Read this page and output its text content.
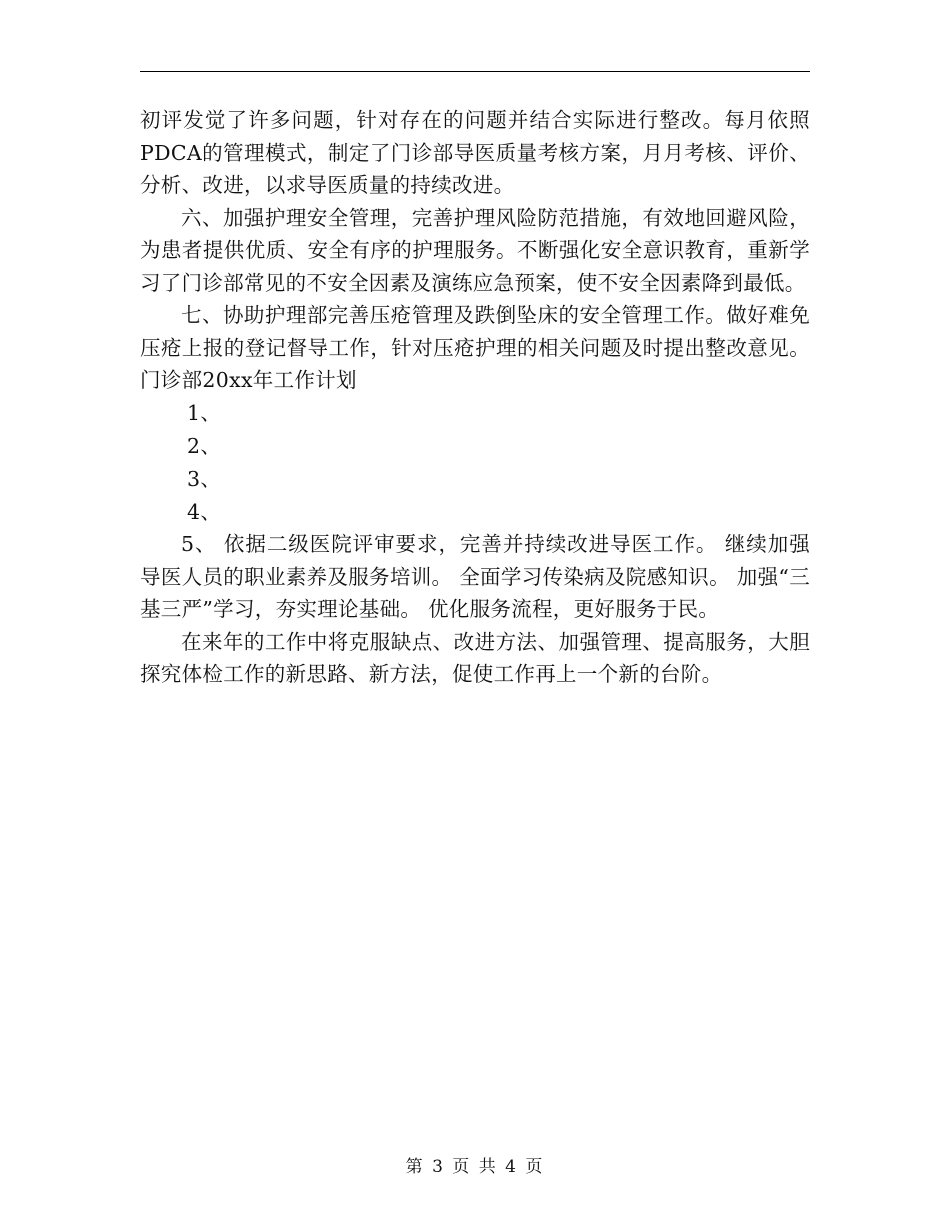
初评发觉了许多问题，针对存在的问题并结合实际进行整改。每月依照PDCA的管理模式，制定了门诊部导医质量考核方案，月月考核、评价、分析、改进，以求导医质量的持续改进。

六、加强护理安全管理，完善护理风险防范措施，有效地回避风险，为患者提供优质、安全有序的护理服务。不断强化安全意识教育，重新学习了门诊部常见的不安全因素及演练应急预案，使不安全因素降到最低。

七、协助护理部完善压疮管理及跌倒坠床的安全管理工作。做好难免压疮上报的登记督导工作，针对压疮护理的相关问题及时提出整改意见。门诊部20xx年工作计划

1、

2、

3、

4、

5、 依据二级医院评审要求，完善并持续改进导医工作。 继续加强导医人员的职业素养及服务培训。 全面学习传染病及院感知识。 加强“三基三严”学习，夯实理论基础。 优化服务流程，更好服务于民。

在来年的工作中将克服缺点、改进方法、加强管理、提高服务，大胆探究体检工作的新思路、新方法，促使工作再上一个新的台阶。

第 3 页 共 4 页
